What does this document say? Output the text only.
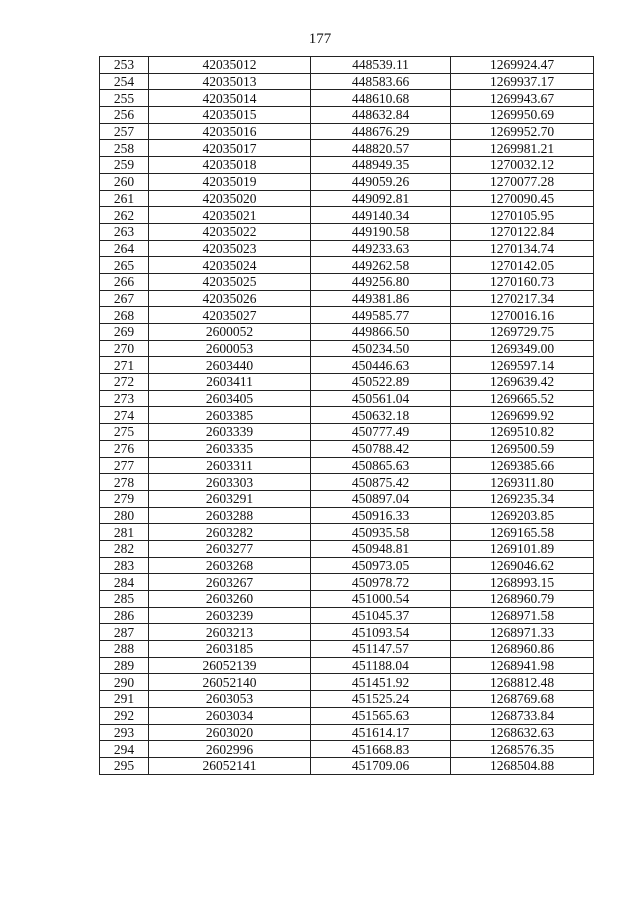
177
253	42035012	448539.11	1269924.47
254	42035013	448583.66	1269937.17
255	42035014	448610.68	1269943.67
256	42035015	448632.84	1269950.69
257	42035016	448676.29	1269952.70
258	42035017	448820.57	1269981.21
259	42035018	448949.35	1270032.12
260	42035019	449059.26	1270077.28
261	42035020	449092.81	1270090.45
262	42035021	449140.34	1270105.95
263	42035022	449190.58	1270122.84
264	42035023	449233.63	1270134.74
265	42035024	449262.58	1270142.05
266	42035025	449256.80	1270160.73
267	42035026	449381.86	1270217.34
268	42035027	449585.77	1270016.16
269	2600052	449866.50	1269729.75
270	2600053	450234.50	1269349.00
271	2603440	450446.63	1269597.14
272	2603411	450522.89	1269639.42
273	2603405	450561.04	1269665.52
274	2603385	450632.18	1269699.92
275	2603339	450777.49	1269510.82
276	2603335	450788.42	1269500.59
277	2603311	450865.63	1269385.66
278	2603303	450875.42	1269311.80
279	2603291	450897.04	1269235.34
280	2603288	450916.33	1269203.85
281	2603282	450935.58	1269165.58
282	2603277	450948.81	1269101.89
283	2603268	450973.05	1269046.62
284	2603267	450978.72	1268993.15
285	2603260	451000.54	1268960.79
286	2603239	451045.37	1268971.58
287	2603213	451093.54	1268971.33
288	2603185	451147.57	1268960.86
289	26052139	451188.04	1268941.98
290	26052140	451451.92	1268812.48
291	2603053	451525.24	1268769.68
292	2603034	451565.63	1268733.84
293	2603020	451614.17	1268632.63
294	2602996	451668.83	1268576.35
295	26052141	451709.06	1268504.88
